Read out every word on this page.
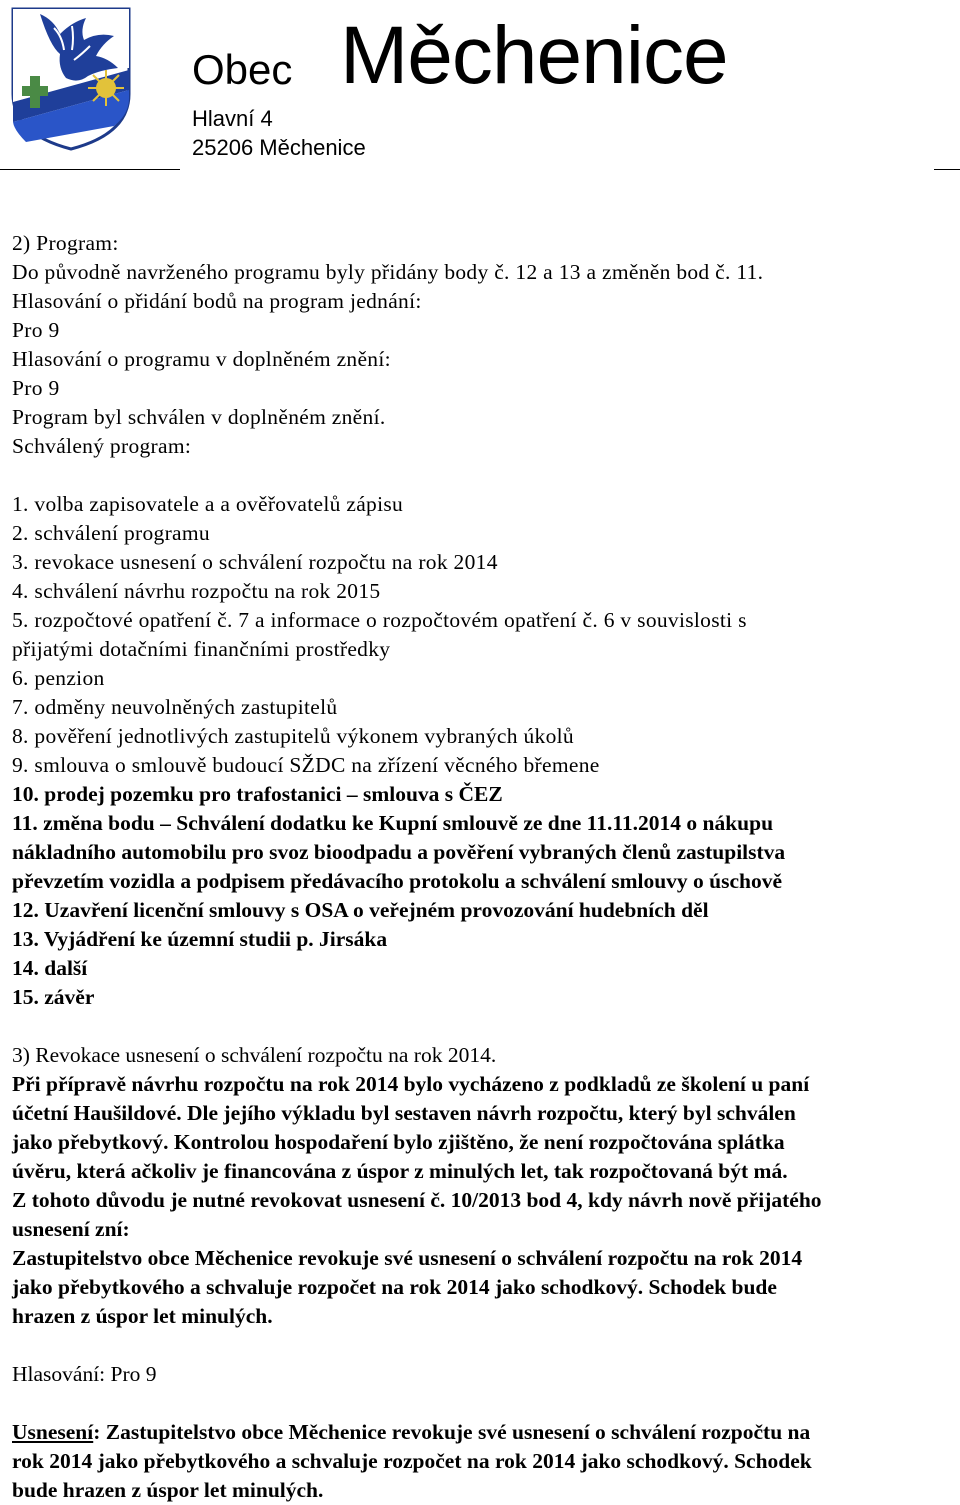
Obec Měchenice
Hlavní 4
25206 Měchenice
2) Program:
Do původně navrženého programu byly přidány body č. 12 a 13 a změněn bod č. 11.
Hlasování o přidání bodů na program jednání:
Pro 9
Hlasování o programu v doplněném znění:
Pro 9
Program byl schválen v doplněném znění.
Schválený program:
1. volba zapisovatele a a ověřovatelů zápisu
2. schválení programu
3. revokace usnesení o schválení rozpočtu na rok 2014
4. schválení návrhu rozpočtu na rok 2015
5. rozpočtové opatření č. 7 a informace o rozpočtovém opatření č. 6 v souvislosti s
přijatými dotačními finančními prostředky
6. penzion
7. odměny neuvolněných zastupitelů
8. pověření jednotlivých zastupitelů výkonem vybraných úkolů
9. smlouva o smlouvě budoucí SŽDC na zřízení věcného břemene
10. prodej pozemku pro trafostanici – smlouva s ČEZ
11. změna bodu – Schválení dodatku ke Kupní smlouvě ze dne 11.11.2014 o nákupu
nákladního automobilu pro svoz bioodpadu a pověření vybraných členů zastupilstva
převzetím vozidla a podpisem předávacího protokolu a schválení smlouvy o úschově
12. Uzavření licenční smlouvy s OSA o veřejném provozování hudebních děl
13. Vyjádření ke územní studii p. Jirsáka
14. další
15. závěr
3) Revokace usnesení o schválení rozpočtu na rok 2014.
Při přípravě návrhu rozpočtu na rok 2014 bylo vycházeno z podkladů ze školení u paní
účetní Haušildové. Dle jejího výkladu byl sestaven návrh rozpočtu, který byl schválen
jako přebytkový. Kontrolou hospodaření bylo zjištěno, že není rozpočtována splátka
úvěru, která ačkoliv je financována z úspor z minulých let, tak rozpočtovaná být má.
Z tohoto důvodu je nutné revokovat usnesení č. 10/2013 bod 4, kdy návrh nově přijatého
usnesení zní:
Zastupitelstvo obce Měchenice revokuje své usnesení o schválení rozpočtu na rok 2014
jako přebytkového a schvaluje rozpočet na rok 2014 jako schodkový. Schodek bude
hrazen z úspor let minulých.
Hlasování: Pro 9
Usnesení: Zastupitelstvo obce Měchenice revokuje své usnesení o schválení rozpočtu na
rok 2014 jako přebytkového a schvaluje rozpočet na rok 2014 jako schodkový. Schodek
bude hrazen z úspor let minulých.
